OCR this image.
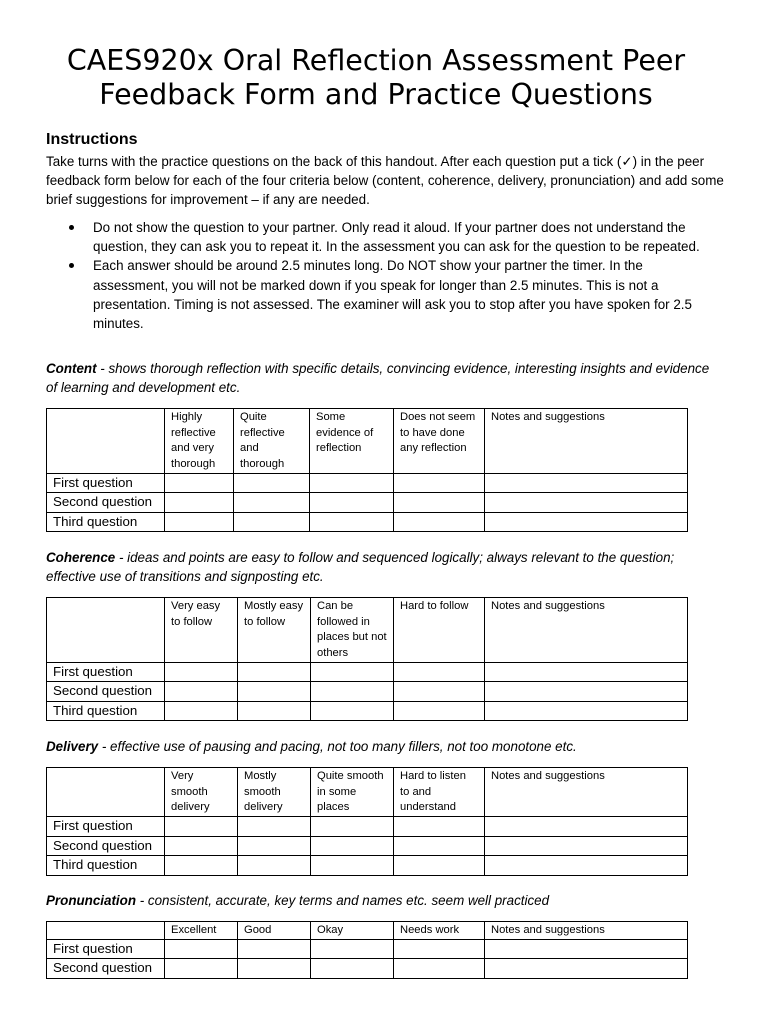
CAES920x Oral Reflection Assessment Peer Feedback Form and Practice Questions
Instructions
Take turns with the practice questions on the back of this handout. After each question put a tick (✓) in the peer feedback form below for each of the four criteria below (content, coherence, delivery, pronunciation) and add some brief suggestions for improvement – if any are needed.
Do not show the question to your partner. Only read it aloud. If your partner does not understand the question, they can ask you to repeat it. In the assessment you can ask for the question to be repeated.
Each answer should be around 2.5 minutes long. Do NOT show your partner the timer. In the assessment, you will not be marked down if you speak for longer than 2.5 minutes. This is not a presentation. Timing is not assessed. The examiner will ask you to stop after you have spoken for 2.5 minutes.
Content - shows thorough reflection with specific details, convincing evidence, interesting insights and evidence of learning and development etc.
	Highly reflective and very thorough	Quite reflective and thorough	Some evidence of reflection	Does not seem to have done any reflection	Notes and suggestions
First question					
Second question					
Third question					
Coherence - ideas and points are easy to follow and sequenced logically; always relevant to the question; effective use of transitions and signposting etc.
	Very easy to follow	Mostly easy to follow	Can be followed in places but not others	Hard to follow	Notes and suggestions
First question					
Second question					
Third question					
Delivery - effective use of pausing and pacing, not too many fillers, not too monotone etc.
	Very smooth delivery	Mostly smooth delivery	Quite smooth in some places	Hard to listen to and understand	Notes and suggestions
First question					
Second question					
Third question					
Pronunciation - consistent, accurate, key terms and names etc. seem well practiced
	Excellent	Good	Okay	Needs work	Notes and suggestions
First question					
Second question					
